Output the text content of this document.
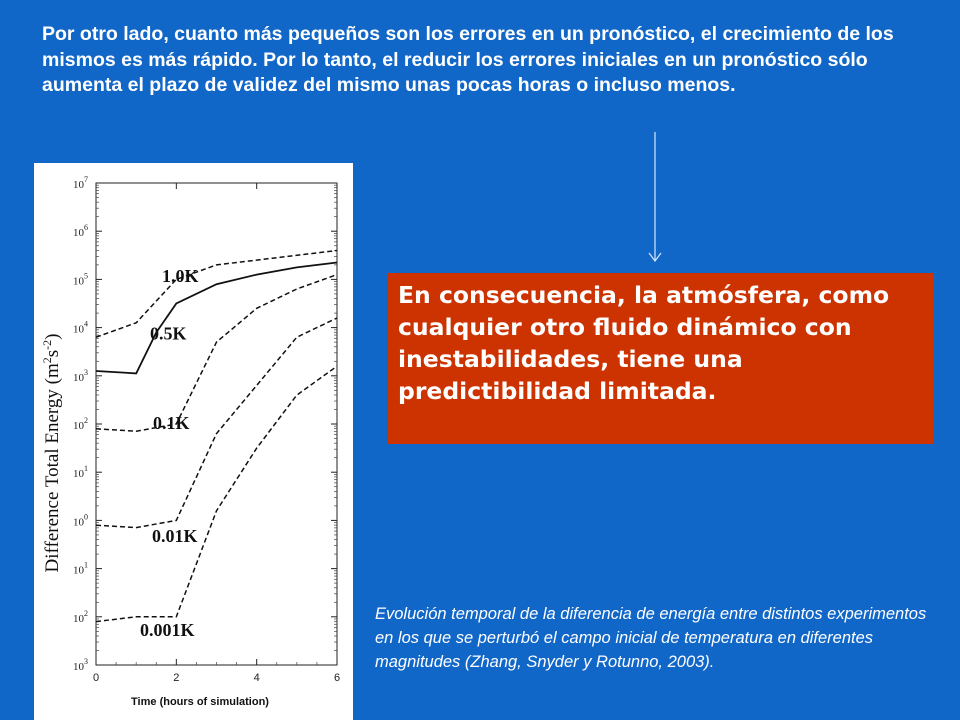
Por otro lado, cuanto más pequeños son los errores en un pronóstico, el crecimiento de los mismos es más rápido. Por lo tanto, el reducir los errores iniciales en un pronóstico sólo aumenta el plazo de validez del mismo unas pocas horas o incluso menos.

En consecuencia, la atmósfera, como cualquier otro fluido dinámico con inestabilidades, tiene una predictibilidad limitada.

$10^7$
$10^6$
$10^5$
$10^4$
$10^3$
$10^2$
$10^1$
$10^0$
$10^1$
$10^2$
$10^3$
0	2	4	6
1.0K
0.5K
0.1K
0.01K
0.001K
Difference Total Energy $(m^2s^{-2})$
Time (hours of simulation)

Evolución temporal de la diferencia de energía entre distintos experimentos en los que se perturbó el campo inicial de temperatura en diferentes magnitudes (Zhang, Snyder y Rotunno, 2003).
